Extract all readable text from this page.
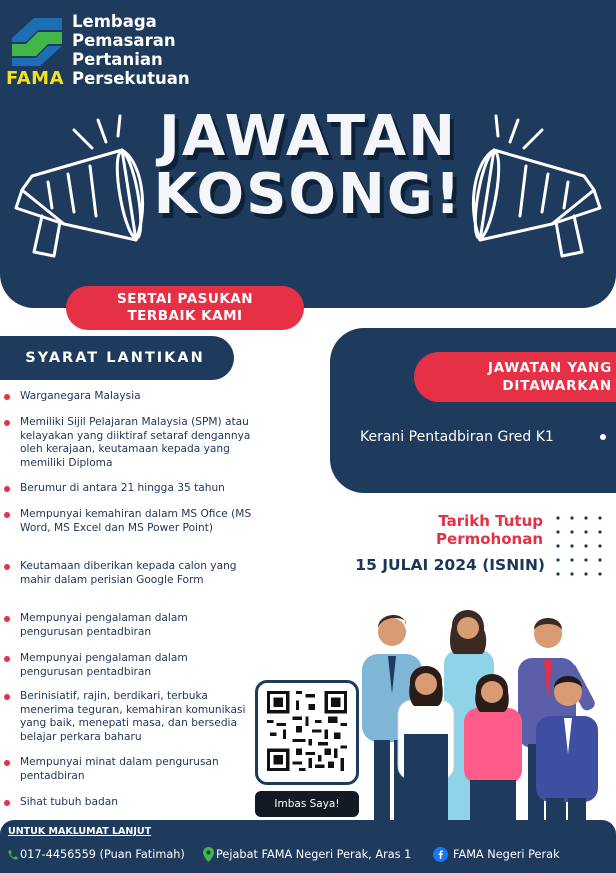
FAMA
Lembaga
Pemasaran
Pertanian
Persekutuan
JAWATAN
KOSONG!
SERTAI PASUKAN
TERBAIK KAMI
SYARAT LANTIKAN
Warganegara Malaysia
Memiliki Sijil Pelajaran Malaysia (SPM) atau kelayakan yang diiktiraf setaraf dengannya oleh kerajaan, keutamaan kepada yang memiliki Diploma
Berumur di antara 21 hingga 35 tahun
Mempunyai kemahiran dalam MS Ofice (MS Word, MS Excel dan MS Power Point)
Keutamaan diberikan kepada calon yang mahir dalam perisian Google Form
Mempunyai pengalaman dalam pengurusan pentadbiran
Mempunyai pengalaman dalam pengurusan pentadbiran
Berinisiatif, rajin, berdikari, terbuka menerima teguran, kemahiran komunikasi yang baik, menepati masa, dan bersedia belajar perkara baharu
Mempunyai minat dalam pengurusan pentadbiran
Sihat tubuh badan
JAWATAN YANG
DITAWARKAN
Kerani Pentadbiran Gred K1
Tarikh Tutup
Permohonan
15 JULAI 2024 (ISNIN)
Imbas Saya!
UNTUK MAKLUMAT LANJUT
017-4456559 (Puan Fatimah)	Pejabat FAMA Negeri Perak, Aras 1	FAMA Negeri Perak
